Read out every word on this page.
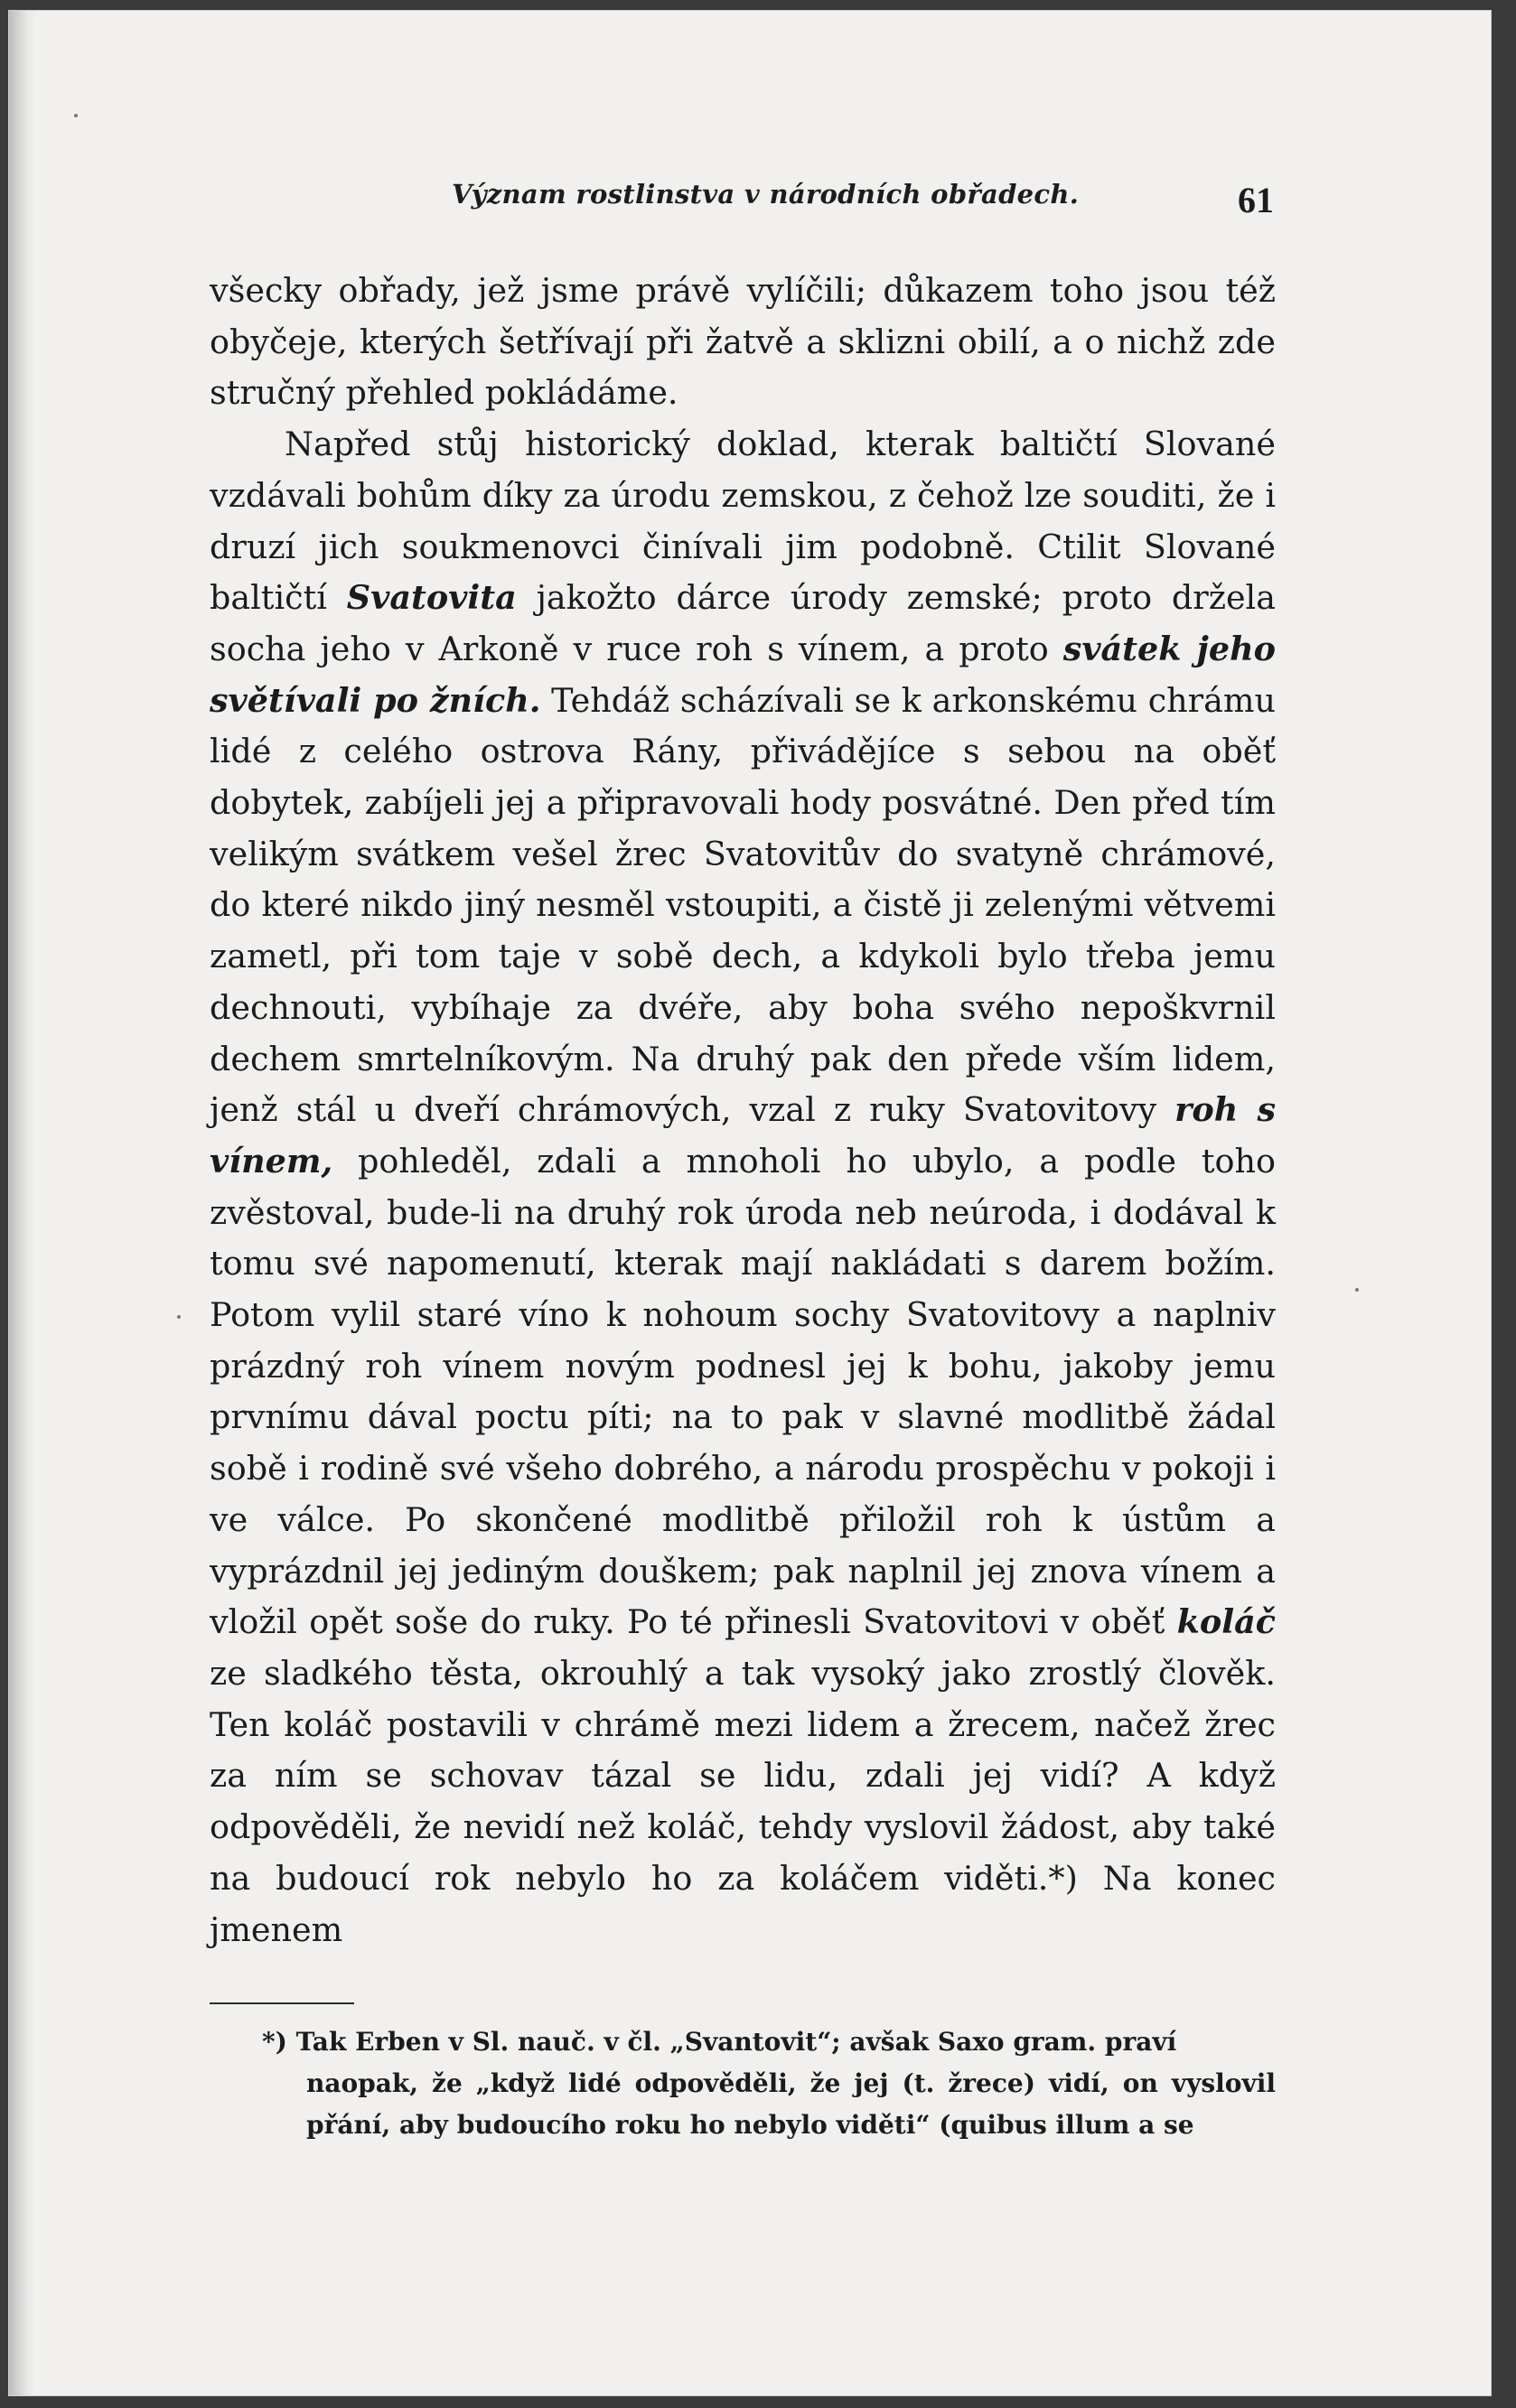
Význam rostlinstva v národních obřadech.	61

všecky obřady, jež jsme právě vylíčili; důkazem toho jsou též obyčeje, kterých šetřívají při žatvě a sklizni obilí, a o nichž zde stručný přehled pokládáme.

Napřed stůj historický doklad, kterak baltičtí Slované vzdávali bohům díky za úrodu zemskou, z čehož lze souditi, že i druzí jich soukmenovci činívali jim podobně. Ctilit Slované baltičtí Svatovita jakožto dárce úrody zemské; proto držela socha jeho v Arkoně v ruce roh s vínem, a proto svátek jeho světívali po žních. Tehdáž scházívali se k arkonskému chrámu lidé z celého ostrova Rány, přivádějíce s sebou na oběť dobytek, zabíjeli jej a připravovali hody posvátné. Den před tím velikým svátkem vešel žrec Svatovitův do svatyně chrámové, do které nikdo jiný nesměl vstoupiti, a čistě ji zelenými větvemi zametl, při tom taje v sobě dech, a kdykoli bylo třeba jemu dechnouti, vybíhaje za dvéře, aby boha svého nepoškvrnil dechem smrtelníkovým. Na druhý pak den přede vším lidem, jenž stál u dveří chrámových, vzal z ruky Svatovitovy roh s vínem, pohleděl, zdali a mnoholi ho ubylo, a podle toho zvěstoval, bude-li na druhý rok úroda neb neúroda, i dodával k tomu své napomenutí, kterak mají nakládati s darem božím. Potom vylil staré víno k nohoum sochy Svatovitovy a naplniv prázdný roh vínem novým podnesl jej k bohu, jakoby jemu prvnímu dával poctu píti; na to pak v slavné modlitbě žádal sobě i rodině své všeho dobrého, a národu prospěchu v pokoji i ve válce. Po skončené modlitbě přiložil roh k ústům a vyprázdnil jej jediným douškem; pak naplnil jej znova vínem a vložil opět soše do ruky. Po té přinesli Svatovitovi v oběť koláč ze sladkého těsta, okrouhlý a tak vysoký jako zrostlý člověk. Ten koláč postavili v chrámě mezi lidem a žrecem, načež žrec za ním se schovav tázal se lidu, zdali jej vidí? A když odpověděli, že nevidí než koláč, tehdy vyslovil žádost, aby také na budoucí rok nebylo ho za koláčem viděti.*) Na konec jmenem

*) Tak Erben v Sl. nauč. v čl. „Svantovit“; avšak Saxo gram. praví
naopak, že „když lidé odpověděli, že jej (t. žrece) vidí, on vyslovil přání, aby budoucího roku ho nebylo viděti“ (quibus illum a se
